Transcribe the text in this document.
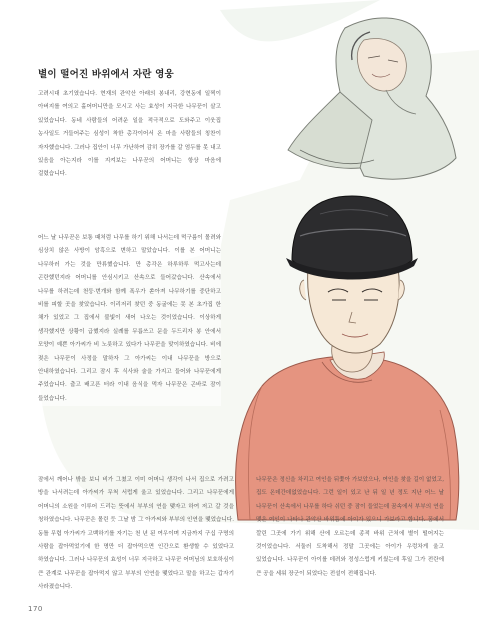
별이 떨어진 바위에서 자란 영웅

고려시대 초기였습니다. 현재의 관악산 아래의 봉내리, 강현동에 일찍이 아버지를 여의고 홀어머니만을 모시고 사는 효성이 지극한 나무꾼이 살고 있었습니다. 동네 사람들의 어려운 일을 적극적으로 도와주고 이웃집 농사일도 거들어주는 심성이 착한 총각이어서 온 마을 사람들의 칭찬이 자자했습니다. 그러나 집안이 너무 가난하여 감히 장가를 갈 엄두를 못 내고 있음을 아는지라 이를 지켜보는 나무꾼의 어머니는 항상 마음에 걸렸습니다.

어느 날 나무꾼은 보통 때처럼 나무를 하기 위해 나서는데 먹구름이 몰려와 심상치 않은 사방이 암흑으로 변하고 말았습니다. 이를 본 어머니는 나무하러 가는 것을 만류했습니다. 만 총각은 하루하루 먹고사는데 곤란했던지라 어머니를 안심시키고 산속으로 들어갔습니다. 산속에서 나무를 하려는데 천둥·번개와 함께 폭우가 쏟아져 나무하기를 중단하고 비를 피할 곳을 찾았습니다. 이리저리 찾던 중 동굴에는 못 본 초가집 한 채가 있었고 그 집에서 불빛이 새어 나오는 것이었습니다. 이상하게 생각했지만 상황이 급했지라 실례를 무릅쓰고 문을 두드리자 봉 안에서 모양이 예쁜 아가씨가 비 노릇하고 있다가 나무꾼을 맞이하였습니다. 비에 젖은 나무꾼이 사정을 말하자 그 아가씨는 이내 나무꾼을 방으로 안내하였습니다. 그리고 잠시 후 식사와 술을 가지고 들어와 나무꾼에게 주었습니다. 춥고 배고픈 터라 이내 음식을 먹자 나무꾼은 곤바로 잠이 들었습니다.

잠에서 깨어나 밖을 보니 비가 그쳤고 이미 어머니 생각이 나서 집으로 가려고 방을 나서려는데 아가씨가 무척 서럽게 울고 있었습니다. 그리고 나무꾼에게 어머니의 소원을 이루어 드리는 뜻에서 부부의 연을 맺자고 하여 저고 갈 것을 청하였습니다. 나무꾼은 몰린 듯 그날 밤 그 아가씨와 부부의 인연을 맺었습니다. 동틀 무렵 아가씨가 고백하기를 자기는 천 년 된 여우이며 지금까지 구십 구명의 사람을 잡아먹었기에 한 명만 더 잡아먹으면 인간으로 환생할 수 있었다고 하였습니다. 그러나 나무꾼의 효성이 너무 지극하고 나무꾼 어머님의 보호하심이 큰 관계로 나무꾼을 잡아먹지 않고 부부의 인연을 맺었다고 말을 하고는 갑자기 사라졌습니다.

나무꾼은 정신을 차리고 여인을 뒤쫓아 가보았으나, 여인을 찾을 길이 없었고, 집도 온데간데없었습니다. 그런 일이 있고 난 뒤 일 년 정도 지난 어느 날 나무꾼이 산속에서 나무를 하다 쉬던 중 잠이 들었는데 꿈속에서 부부의 연을 맺은 여인이 나타나 관악산 바위틈에 아이가 있으니 가보라고 합니다. 꿈에서 깔린 그곳에 가기 위해 산에 오르는데 종적 바위 근처에 별이 떨어지는 것이었습니다. 서둘러 도착해서 정말 그곳에는 아이가 우렁차게 울고 있었습니다. 나무꾼이 아이를 데려와 정성스럽게 키웠는데 후일 그가 전란에 큰 공을 세워 장군이 되었다는 전설이 전해집니다.

170
